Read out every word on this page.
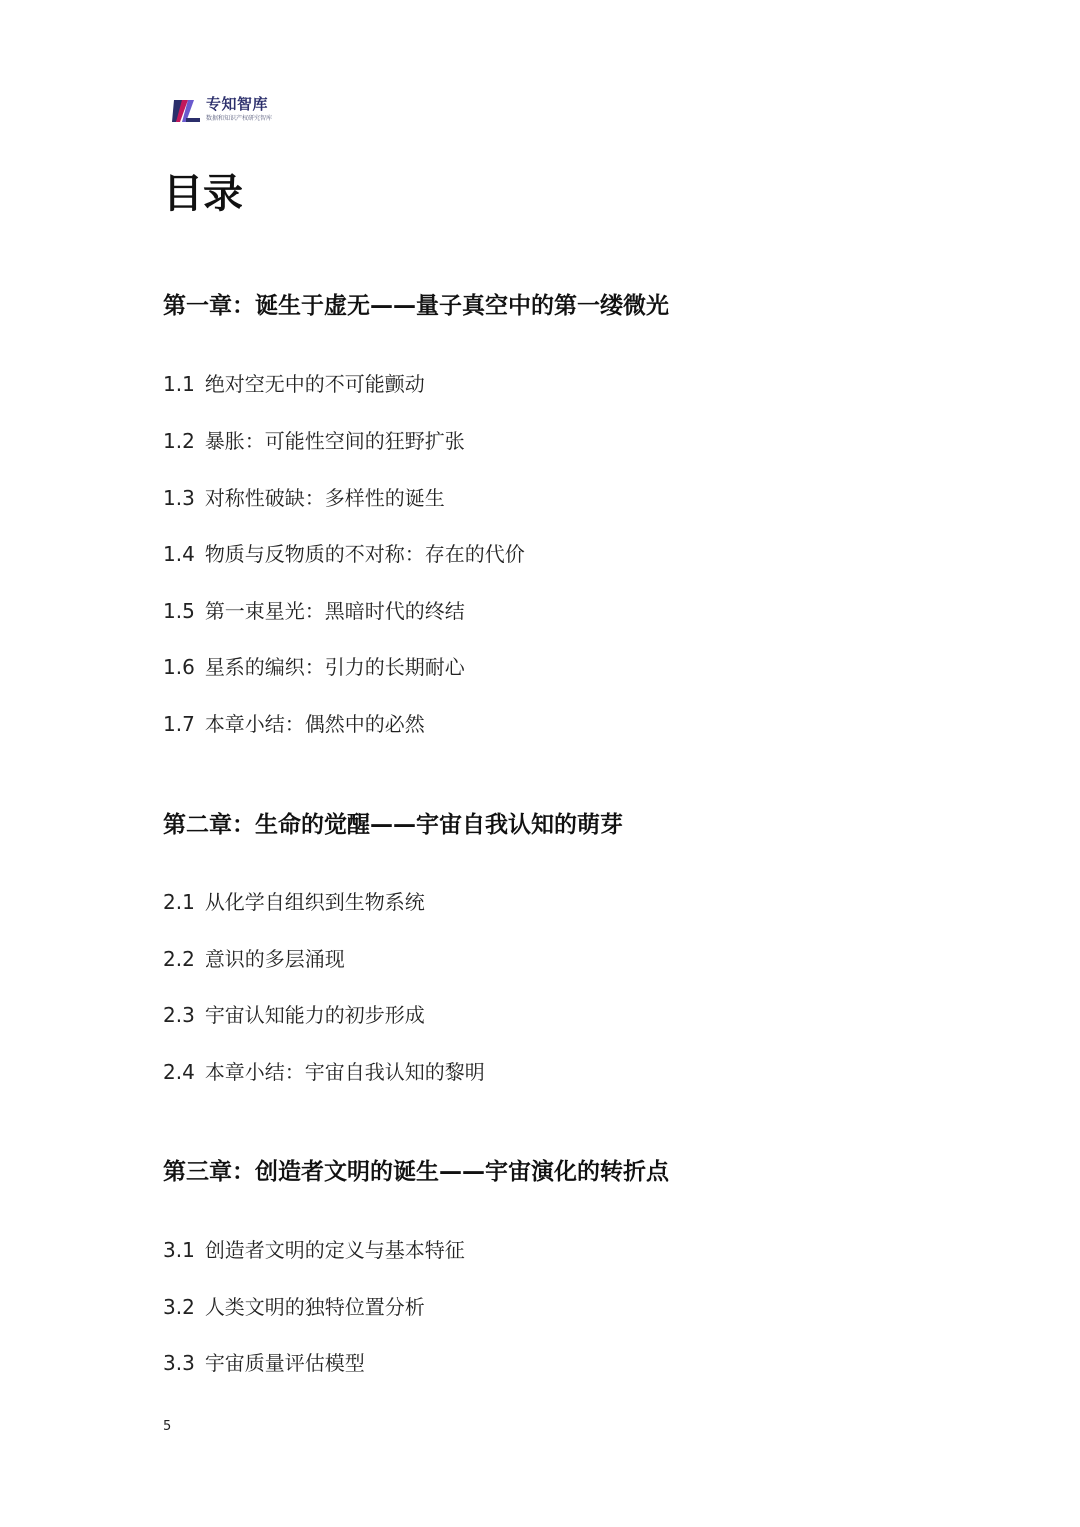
专知智库
数据和知识产权研究智库
目录
第一章：诞生于虚无——量子真空中的第一缕微光
1.1 绝对空无中的不可能颤动
1.2 暴胀：可能性空间的狂野扩张
1.3 对称性破缺：多样性的诞生
1.4 物质与反物质的不对称：存在的代价
1.5 第一束星光：黑暗时代的终结
1.6 星系的编织：引力的长期耐心
1.7 本章小结：偶然中的必然
第二章：生命的觉醒——宇宙自我认知的萌芽
2.1 从化学自组织到生物系统
2.2 意识的多层涌现
2.3 宇宙认知能力的初步形成
2.4 本章小结：宇宙自我认知的黎明
第三章：创造者文明的诞生——宇宙演化的转折点
3.1 创造者文明的定义与基本特征
3.2 人类文明的独特位置分析
3.3 宇宙质量评估模型
5
